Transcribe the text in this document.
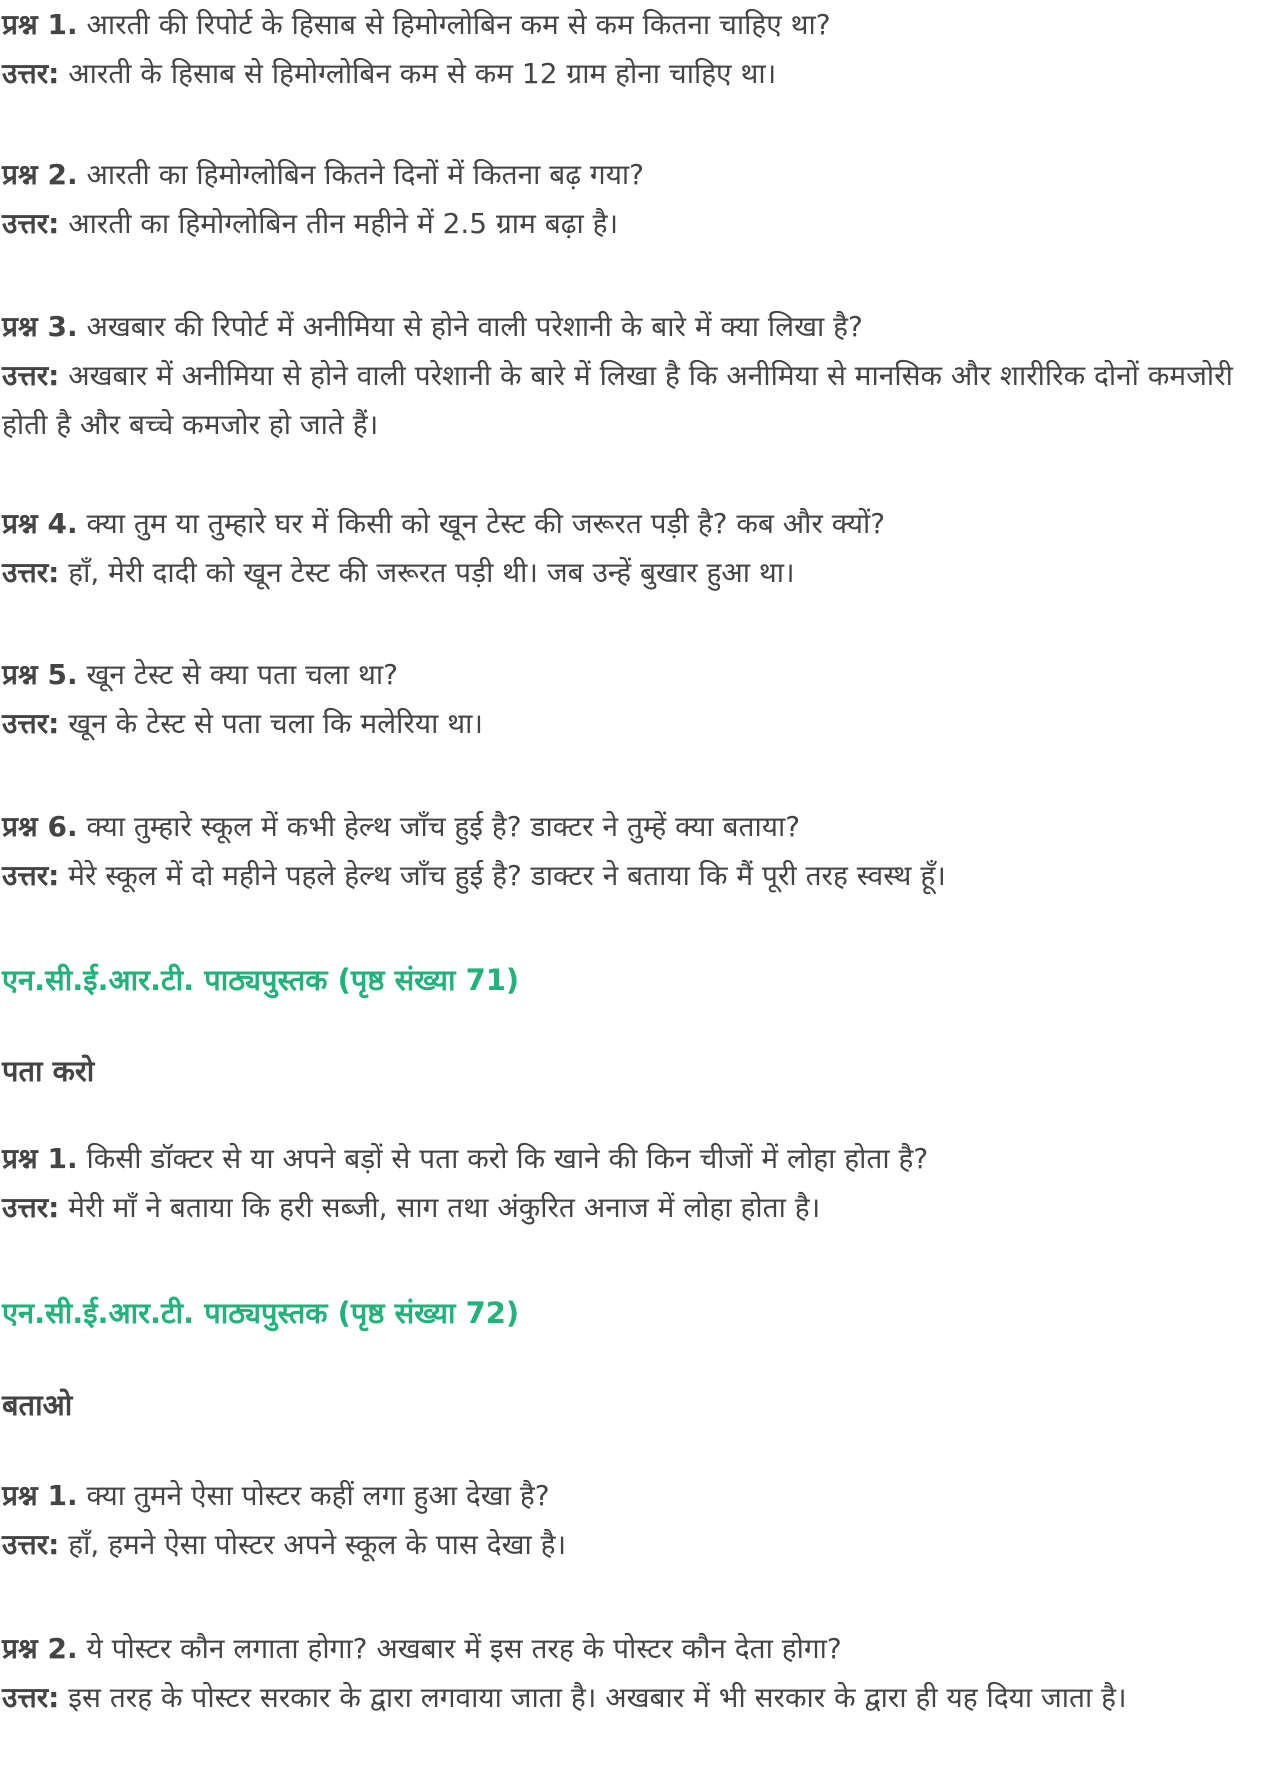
प्रश्न 1. आरती की रिपोर्ट के हिसाब से हिमोग्लोबिन कम से कम कितना चाहिए था?
उत्तर: आरती के हिसाब से हिमोग्लोबिन कम से कम 12 ग्राम होना चाहिए था।
प्रश्न 2. आरती का हिमोग्लोबिन कितने दिनों में कितना बढ़ गया?
उत्तर: आरती का हिमोग्लोबिन तीन महीने में 2.5 ग्राम बढ़ा है।
प्रश्न 3. अखबार की रिपोर्ट में अनीमिया से होने वाली परेशानी के बारे में क्या लिखा है?
उत्तर: अखबार में अनीमिया से होने वाली परेशानी के बारे में लिखा है कि अनीमिया से मानसिक और शारीरिक दोनों कमजोरी होती है और बच्चे कमजोर हो जाते हैं।
प्रश्न 4. क्या तुम या तुम्हारे घर में किसी को खून टेस्ट की जरूरत पड़ी है? कब और क्यों?
उत्तर: हाँ, मेरी दादी को खून टेस्ट की जरूरत पड़ी थी। जब उन्हें बुखार हुआ था।
प्रश्न 5. खून टेस्ट से क्या पता चला था?
उत्तर: खून के टेस्ट से पता चला कि मलेरिया था।
प्रश्न 6. क्या तुम्हारे स्कूल में कभी हेल्थ जाँच हुई है? डाक्टर ने तुम्हें क्या बताया?
उत्तर: मेरे स्कूल में दो महीने पहले हेल्थ जाँच हुई है? डाक्टर ने बताया कि मैं पूरी तरह स्वस्थ हूँ।
एन.सी.ई.आर.टी. पाठ्यपुस्तक (पृष्ठ संख्या 71)
पता करो
प्रश्न 1. किसी डॉक्टर से या अपने बड़ों से पता करो कि खाने की किन चीजों में लोहा होता है?
उत्तर: मेरी माँ ने बताया कि हरी सब्जी, साग तथा अंकुरित अनाज में लोहा होता है।
एन.सी.ई.आर.टी. पाठ्यपुस्तक (पृष्ठ संख्या 72)
बताओ
प्रश्न 1. क्या तुमने ऐसा पोस्टर कहीं लगा हुआ देखा है?
उत्तर: हाँ, हमने ऐसा पोस्टर अपने स्कूल के पास देखा है।
प्रश्न 2. ये पोस्टर कौन लगाता होगा? अखबार में इस तरह के पोस्टर कौन देता होगा?
उत्तर: इस तरह के पोस्टर सरकार के द्वारा लगवाया जाता है। अखबार में भी सरकार के द्वारा ही यह दिया जाता है।
